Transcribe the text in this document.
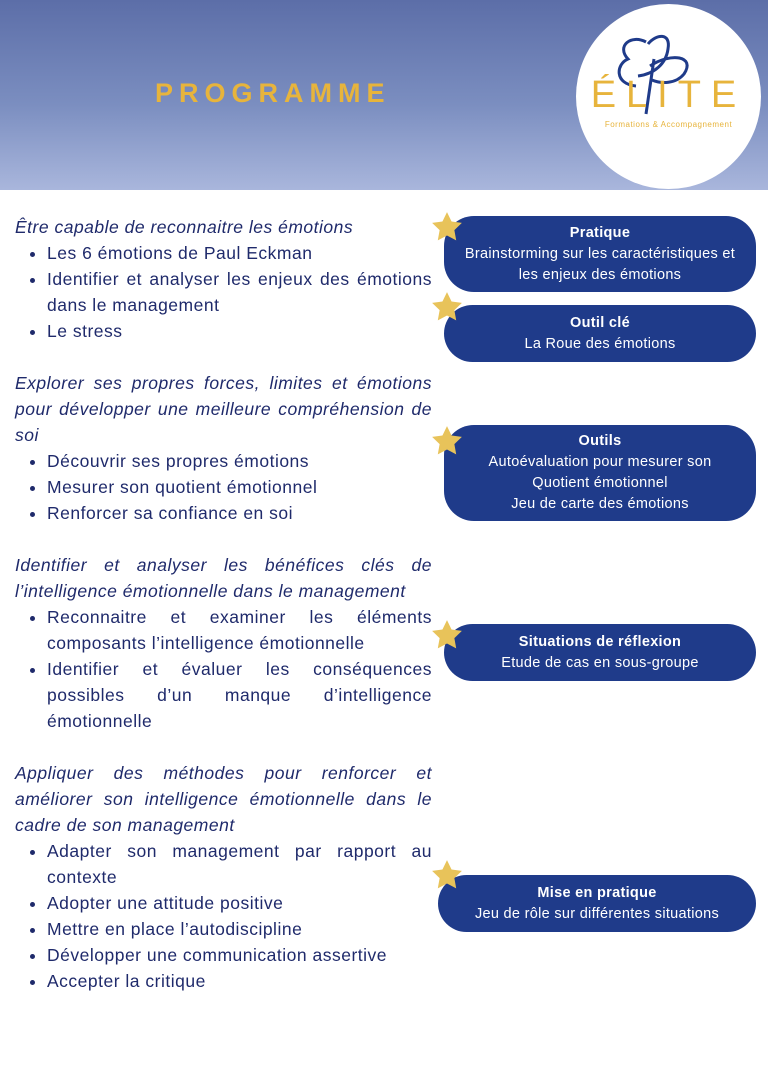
PROGRAMME	ÉLITE
Formations & Accompagnement
Être capable de reconnaitre les émotions
• Les 6 émotions de Paul Eckman
• Identifier et analyser les enjeux des émotions dans le management
• Le stress
Explorer ses propres forces, limites et émotions pour développer une meilleure compréhension de soi
• Découvrir ses propres émotions
• Mesurer son quotient émotionnel
• Renforcer sa confiance en soi
Identifier et analyser les bénéfices clés de l’intelligence émotionnelle dans le management
• Reconnaitre et examiner les éléments composants l’intelligence émotionnelle
• Identifier et évaluer les conséquences possibles d’un manque d’intelligence émotionnelle
Appliquer des méthodes pour renforcer et améliorer son intelligence émotionnelle dans le cadre de son management
• Adapter son management par rapport au contexte
• Adopter une attitude positive
• Mettre en place l’autodiscipline
• Développer une communication assertive
• Accepter la critique
Pratique
Brainstorming sur les caractéristiques et
les enjeux des émotions
Outil clé
La Roue des émotions
Outils
Autoévaluation pour mesurer son
Quotient émotionnel
Jeu de carte des émotions
Situations de réflexion
Etude de cas en sous-groupe
Mise en pratique
Jeu de rôle sur différentes situations
